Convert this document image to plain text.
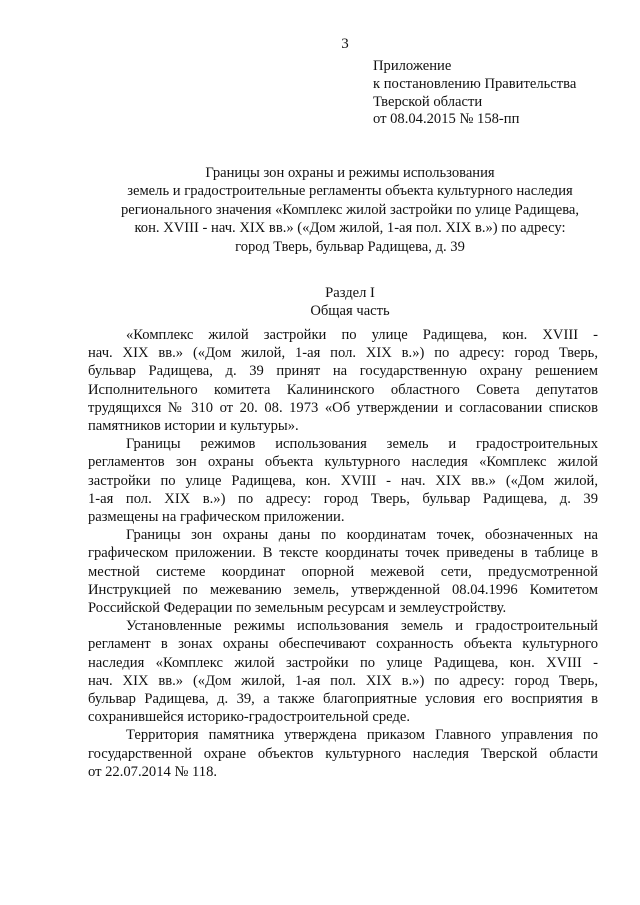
3
Приложение
к постановлению Правительства
Тверской области
от 08.04.2015 № 158-пп
Границы зон охраны и режимы использования
земель и градостроительные регламенты объекта культурного наследия
регионального значения «Комплекс жилой застройки по улице Радищева,
кон. XVIII - нач. XIX вв.» («Дом жилой, 1-ая пол. XIX в.») по адресу:
город Тверь, бульвар Радищева, д. 39
Раздел I
Общая часть
«Комплекс жилой застройки по улице Радищева, кон. XVIII -
нач. XIX вв.» («Дом жилой, 1-ая пол. XIX в.») по адресу: город Тверь,
бульвар Радищева, д. 39 принят на государственную охрану решением
Исполнительного комитета Калининского областного Совета депутатов
трудящихся № 310 от 20. 08. 1973 «Об утверждении и согласовании списков
памятников истории и культуры».
Границы режимов использования земель и градостроительных
регламентов зон охраны объекта культурного наследия «Комплекс жилой
застройки по улице Радищева, кон. XVIII - нач. XIX вв.» («Дом жилой,
1-ая пол. XIX в.») по адресу: город Тверь, бульвар Радищева, д. 39
размещены на графическом приложении.
Границы зон охраны даны по координатам точек, обозначенных на
графическом приложении. В тексте координаты точек приведены в таблице в
местной системе координат опорной межевой сети, предусмотренной
Инструкцией по межеванию земель, утвержденной 08.04.1996 Комитетом
Российской Федерации по земельным ресурсам и землеустройству.
Установленные режимы использования земель и градостроительный
регламент в зонах охраны обеспечивают сохранность объекта культурного
наследия «Комплекс жилой застройки по улице Радищева, кон. XVIII -
нач. XIX вв.» («Дом жилой, 1-ая пол. XIX в.») по адресу: город Тверь,
бульвар Радищева, д. 39, а также благоприятные условия его восприятия в
сохранившейся историко-градостроительной среде.
Территория памятника утверждена приказом Главного управления по
государственной охране объектов культурного наследия Тверской области
от 22.07.2014 № 118.
